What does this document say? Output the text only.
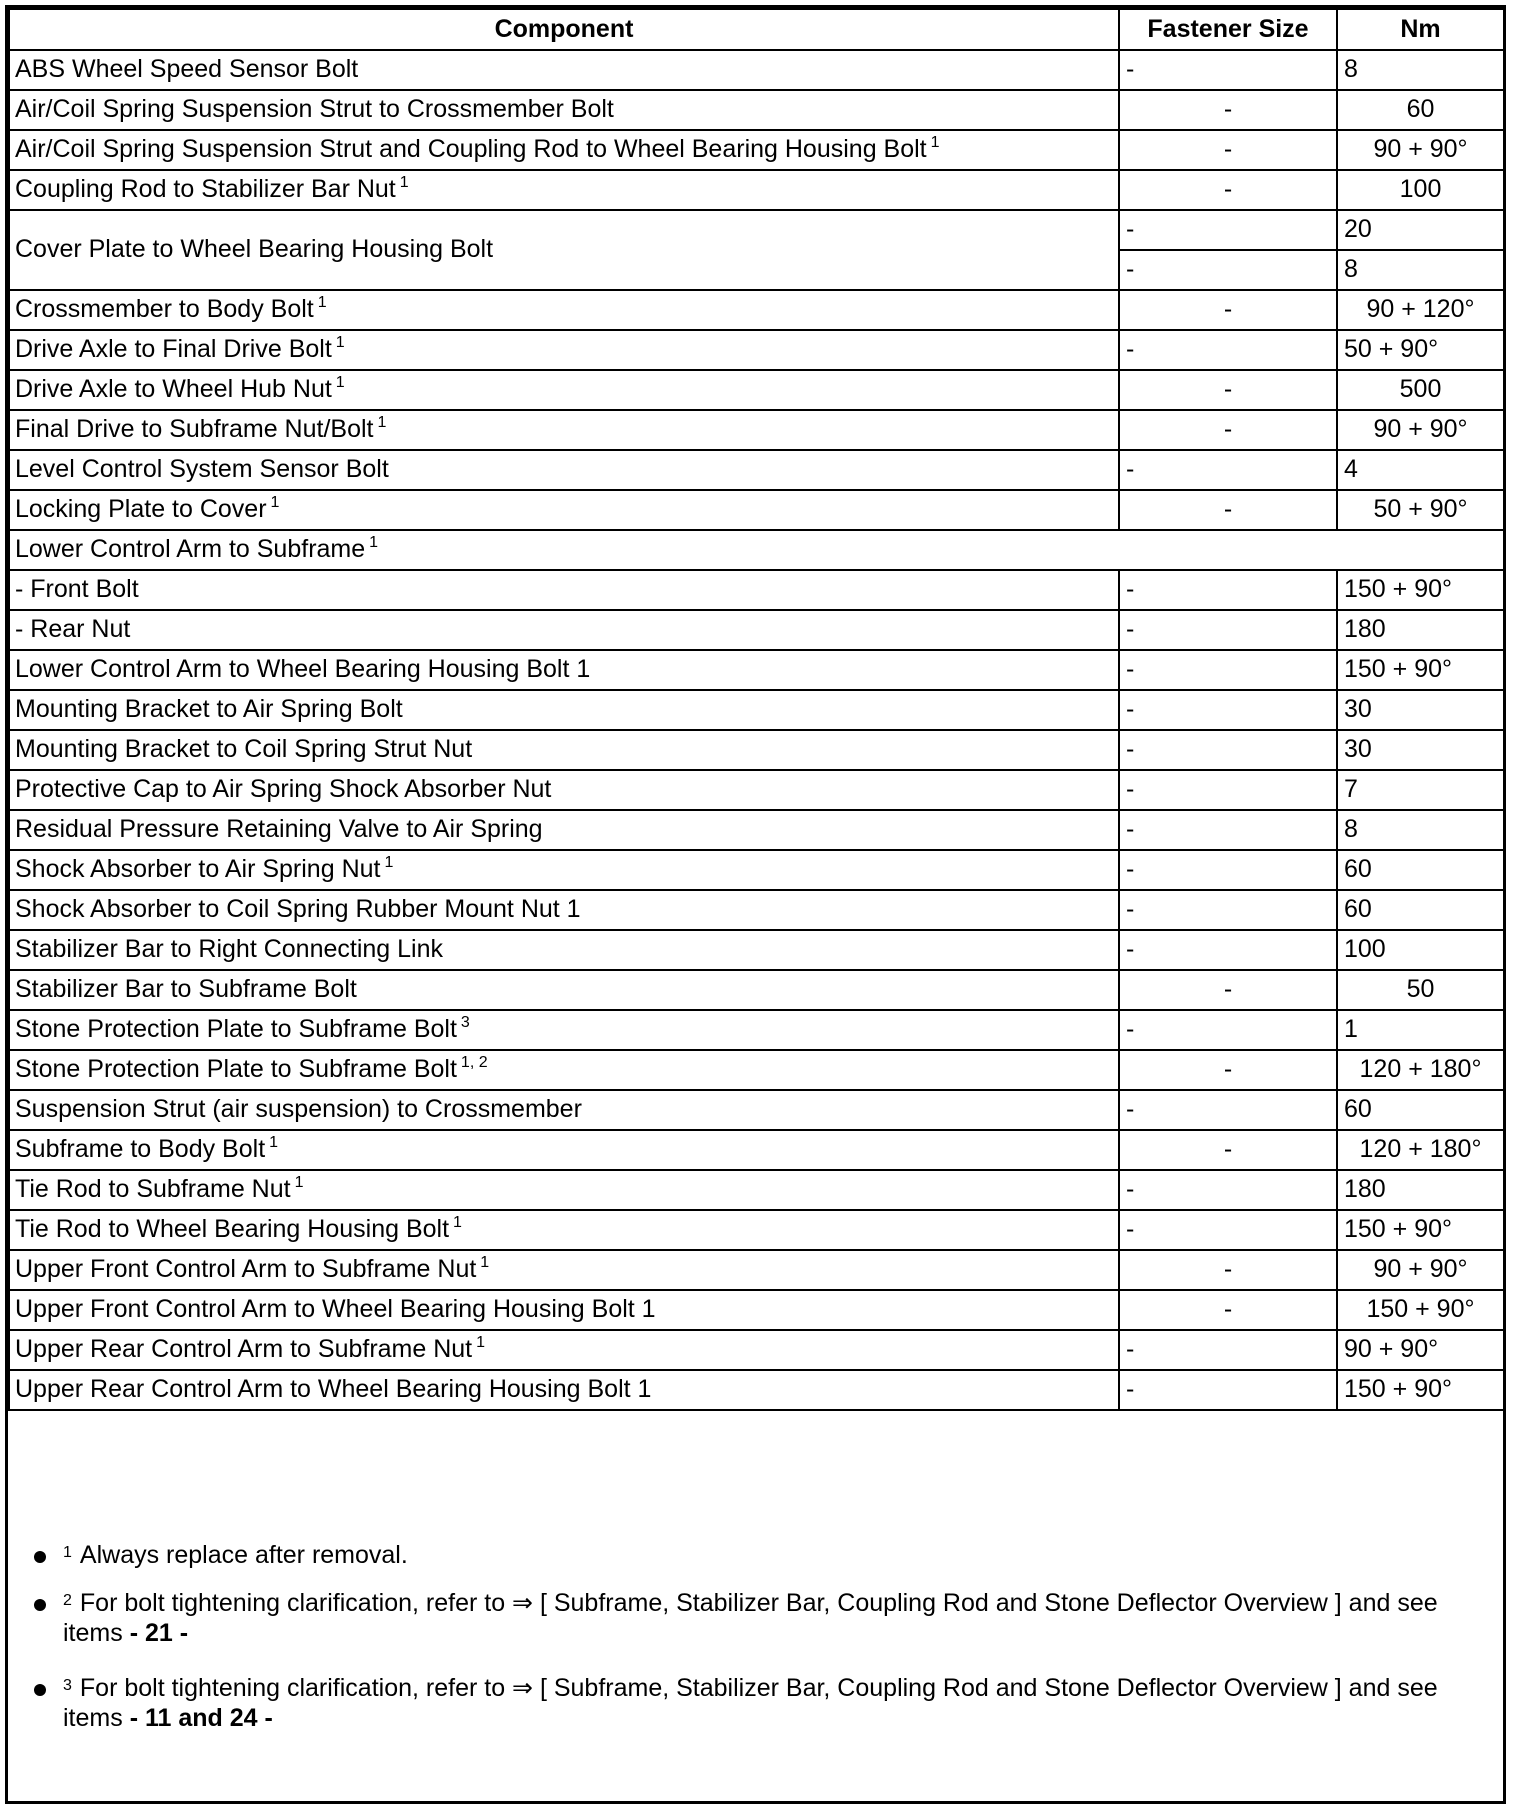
Component	Fastener Size	Nm
ABS Wheel Speed Sensor Bolt	-	8
Air/Coil Spring Suspension Strut to Crossmember Bolt	-	60
Air/Coil Spring Suspension Strut and Coupling Rod to Wheel Bearing Housing Bolt $^1$	-	90 + 90°
Coupling Rod to Stabilizer Bar Nut $^1$	-	100
Cover Plate to Wheel Bearing Housing Bolt	-	20
	-	8
Crossmember to Body Bolt $^1$	-	90 + 120°
Drive Axle to Final Drive Bolt $^1$	-	50 + 90°
Drive Axle to Wheel Hub Nut $^1$	-	500
Final Drive to Subframe Nut/Bolt $^1$	-	90 + 90°
Level Control System Sensor Bolt	-	4
Locking Plate to Cover $^1$	-	50 + 90°
Lower Control Arm to Subframe $^1$
- Front Bolt	-	150 + 90°
- Rear Nut	-	180
Lower Control Arm to Wheel Bearing Housing Bolt 1	-	150 + 90°
Mounting Bracket to Air Spring Bolt	-	30
Mounting Bracket to Coil Spring Strut Nut	-	30
Protective Cap to Air Spring Shock Absorber Nut	-	7
Residual Pressure Retaining Valve to Air Spring	-	8
Shock Absorber to Air Spring Nut $^1$	-	60
Shock Absorber to Coil Spring Rubber Mount Nut 1	-	60
Stabilizer Bar to Right Connecting Link	-	100
Stabilizer Bar to Subframe Bolt	-	50
Stone Protection Plate to Subframe Bolt $^3$	-	1
Stone Protection Plate to Subframe Bolt $^{1, 2}$	-	120 + 180°
Suspension Strut (air suspension) to Crossmember	-	60
Subframe to Body Bolt $^1$	-	120 + 180°
Tie Rod to Subframe Nut $^1$	-	180
Tie Rod to Wheel Bearing Housing Bolt $^1$	-	150 + 90°
Upper Front Control Arm to Subframe Nut $^1$	-	90 + 90°
Upper Front Control Arm to Wheel Bearing Housing Bolt 1	-	150 + 90°
Upper Rear Control Arm to Subframe Nut $^1$	-	90 + 90°
Upper Rear Control Arm to Wheel Bearing Housing Bolt 1	-	150 + 90°
$^1$ Always replace after removal.
$^2$ For bolt tightening clarification, refer to ⇒ [ Subframe, Stabilizer Bar, Coupling Rod and Stone Deflector Overview ] and see items - 21 -
$^3$ For bolt tightening clarification, refer to ⇒ [ Subframe, Stabilizer Bar, Coupling Rod and Stone Deflector Overview ] and see items - 11 and 24 -
